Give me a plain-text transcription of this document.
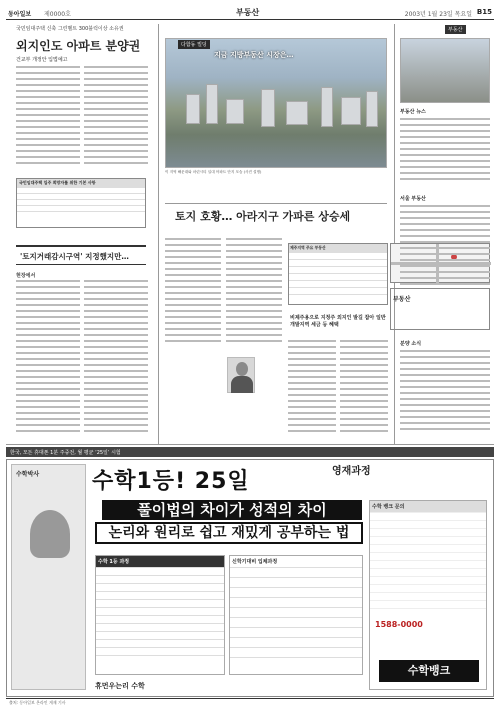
동아일보 제0000호	부동산	2003년 1월 23일 목요일 B15
국민임대주택 신축 그린벨트 300블럭이상 소유권
외지인도 아파트 분양권
건교부 개정안 입법예고
국민임대주택 입주 희망자를 위한 기본 사항
'토지거래감시구역' 지정했지만…
현장에서
다함동 빌딩
지금 지방부동산 시장은…
이 지역 해운대와 마린시티 일대 아파트 단지 모습 (사진 설명)
토지 호황… 아라지구 가파른 상승세
제주지역 주요 부동산
부동산
비제주용으로 지정주 외지인 발길 잡아 일반 개발지역 세금 등 혜택
부동산
부동산 뉴스
서울 부동산
분양 소식
한국, 모든 휴대폰 1분 주중전, 월 평균 ‘25일’ 시험
수학박사 수학1등! 25일	영재과정
풀이법의 차이가 성적의 차이
논리와 원리로 쉽고 재밌게 공부하는 법
수학 1등 과정	신학기대비 입체과정
수학 뱅크 문의
1588-0000
수학뱅크
휴먼우는리 수학
출처: 동아일보 온라인 게재 기사
